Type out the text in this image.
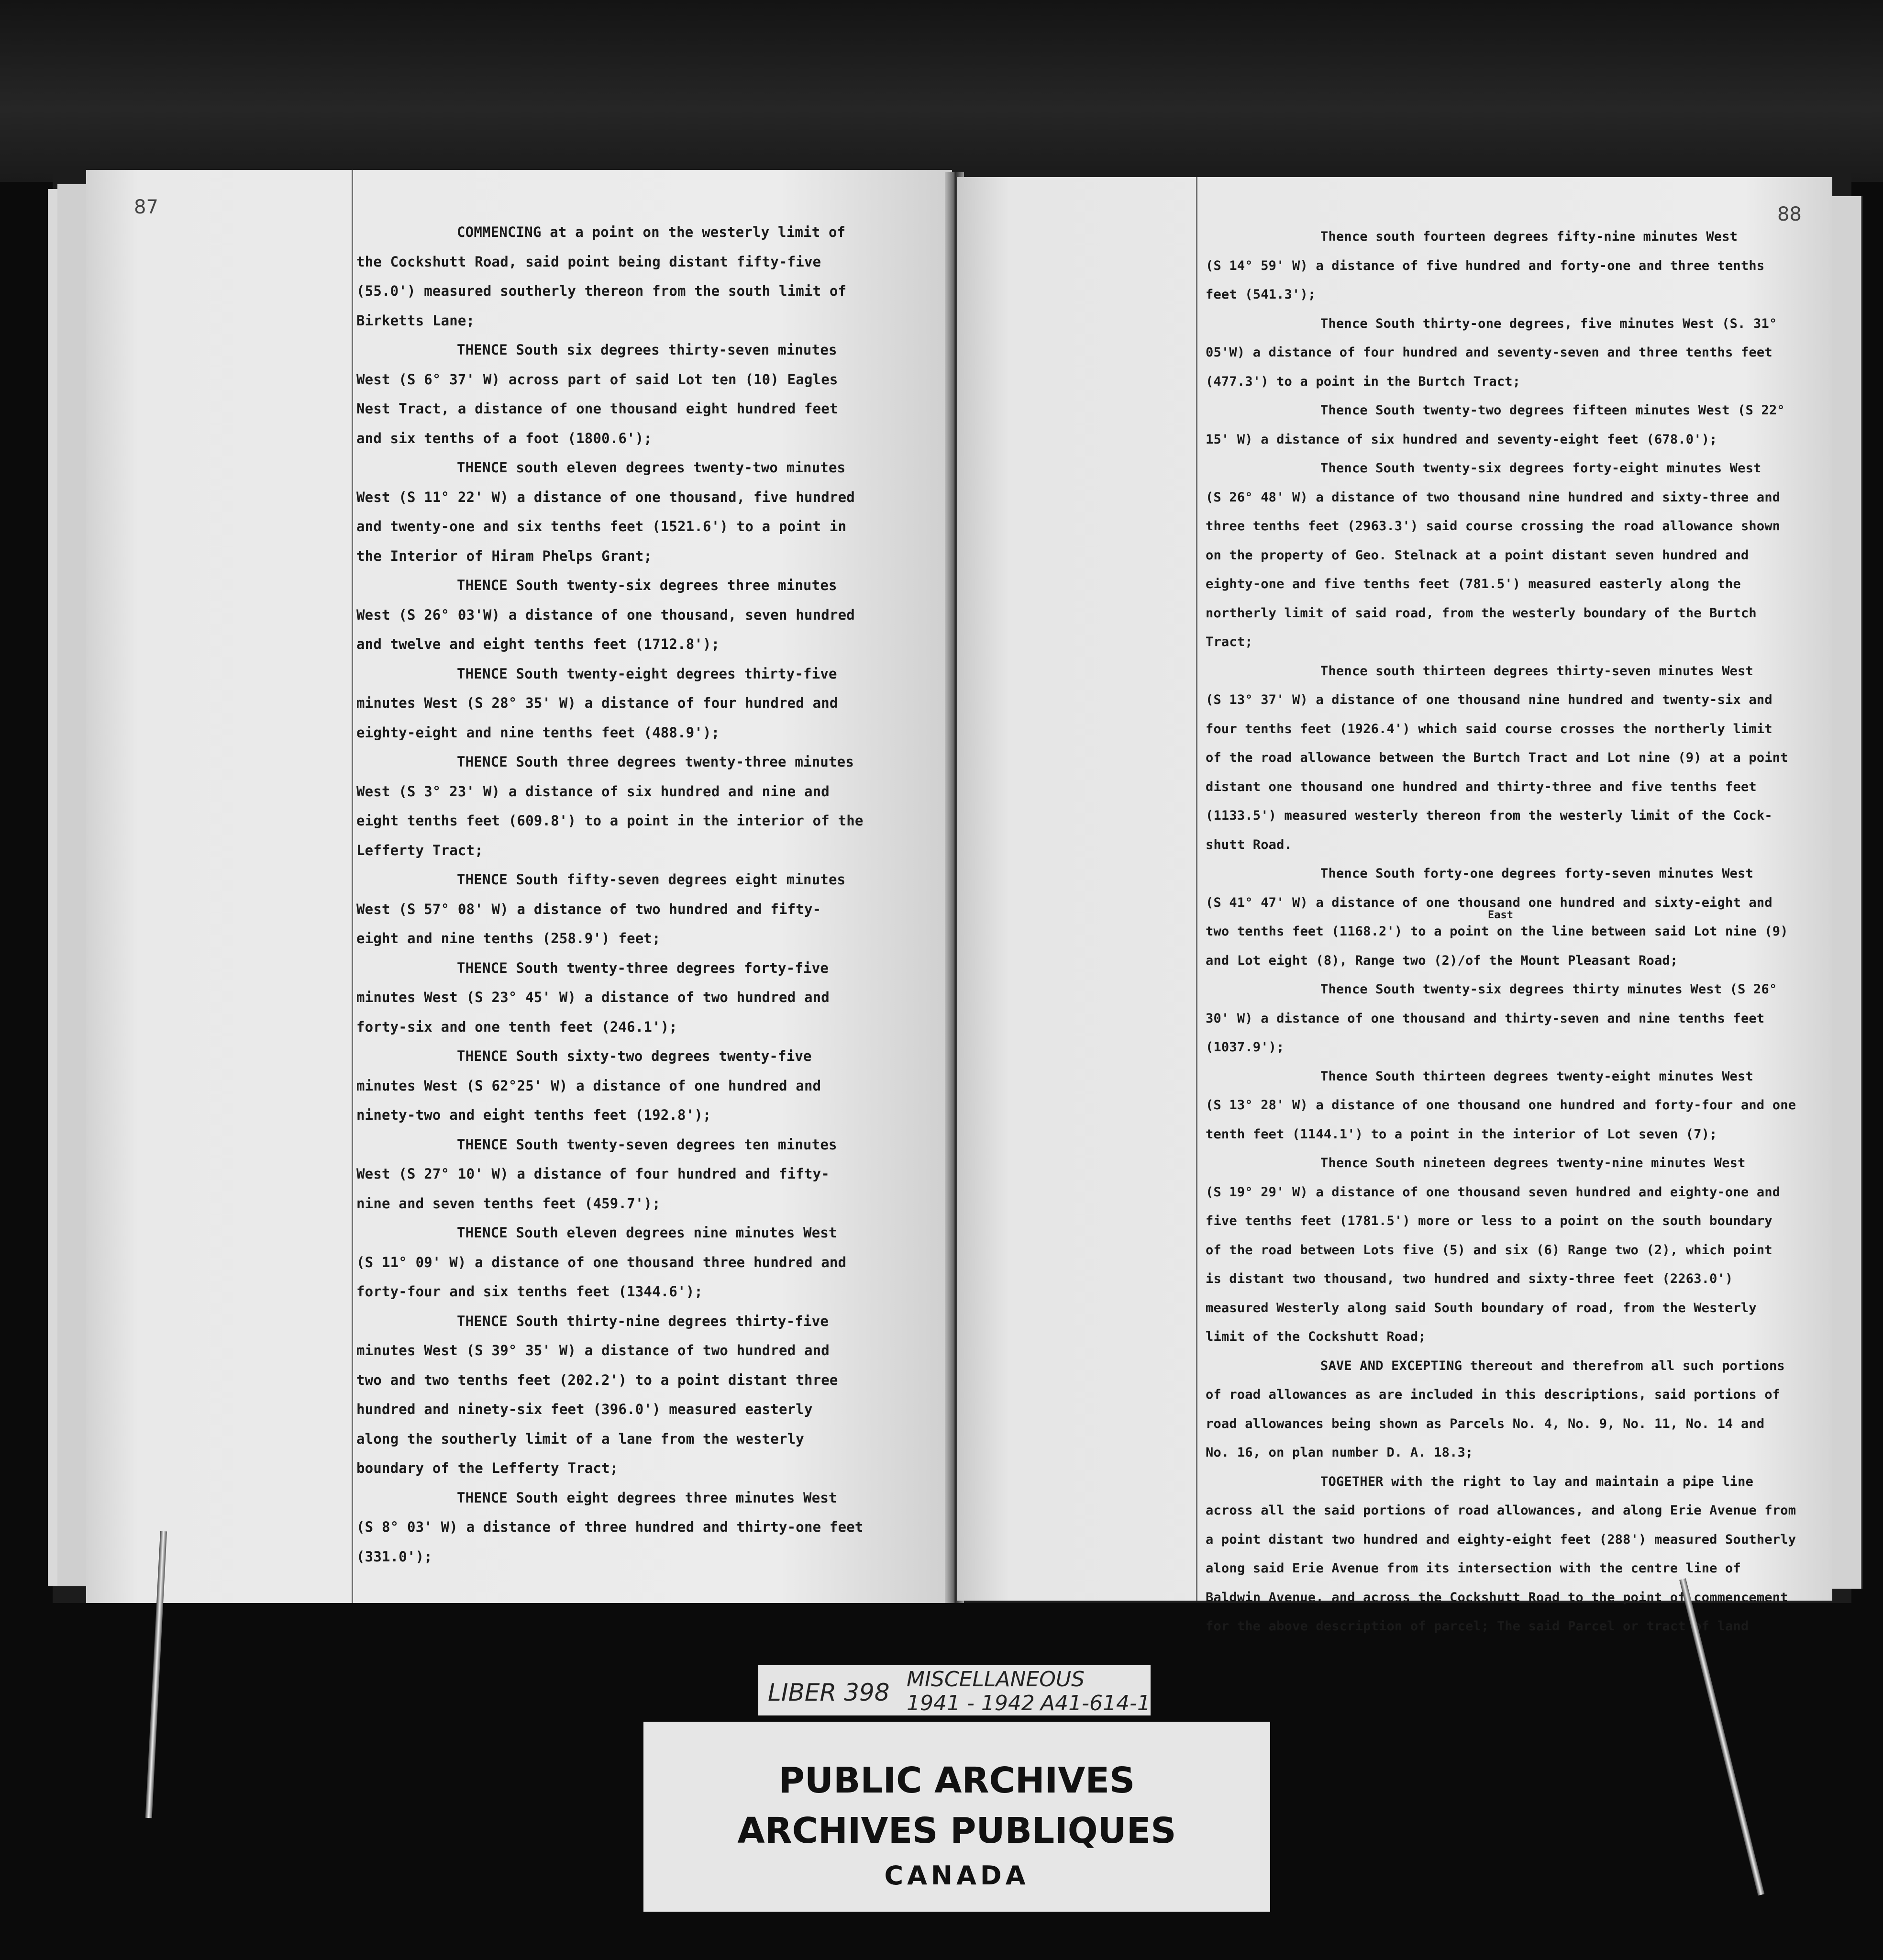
87
COMMENCING at a point on the westerly limit of
the Cockshutt Road, said point being distant fifty-five
(55.0') measured southerly thereon from the south limit of
Birketts Lane;
THENCE South six degrees thirty-seven minutes
West (S 6° 37' W) across part of said Lot ten (10) Eagles
Nest Tract, a distance of one thousand eight hundred feet
and six tenths of a foot (1800.6');
THENCE south eleven degrees twenty-two minutes
West (S 11° 22' W) a distance of one thousand, five hundred
and twenty-one and six tenths feet (1521.6') to a point in
the Interior of Hiram Phelps Grant;
THENCE South twenty-six degrees three minutes
West (S 26° 03'W) a distance of one thousand, seven hundred
and twelve and eight tenths feet (1712.8');
THENCE South twenty-eight degrees thirty-five
minutes West (S 28° 35' W) a distance of four hundred and
eighty-eight and nine tenths feet (488.9');
THENCE South three degrees twenty-three minutes
West (S 3° 23' W) a distance of six hundred and nine and
eight tenths feet (609.8') to a point in the interior of the
Lefferty Tract;
THENCE South fifty-seven degrees eight minutes
West (S 57° 08' W) a distance of two hundred and fifty-
eight and nine tenths (258.9') feet;
THENCE South twenty-three degrees forty-five
minutes West (S 23° 45' W) a distance of two hundred and
forty-six and one tenth feet (246.1');
THENCE South sixty-two degrees twenty-five
minutes West (S 62°25' W) a distance of one hundred and
ninety-two and eight tenths feet (192.8');
THENCE South twenty-seven degrees ten minutes
West (S 27° 10' W) a distance of four hundred and fifty-
nine and seven tenths feet (459.7');
THENCE South eleven degrees nine minutes West
(S 11° 09' W) a distance of one thousand three hundred and
forty-four and six tenths feet (1344.6');
THENCE South thirty-nine degrees thirty-five
minutes West (S 39° 35' W) a distance of two hundred and
two and two tenths feet (202.2') to a point distant three
hundred and ninety-six feet (396.0') measured easterly
along the southerly limit of a lane from the westerly
boundary of the Lefferty Tract;
THENCE South eight degrees three minutes West
(S 8° 03' W) a distance of three hundred and thirty-one feet
(331.0');
88
Thence south fourteen degrees fifty-nine minutes West
(S 14° 59' W) a distance of five hundred and forty-one and three tenths
feet (541.3');
Thence South thirty-one degrees, five minutes West (S. 31°
05'W) a distance of four hundred and seventy-seven and three tenths feet
(477.3') to a point in the Burtch Tract;
Thence South twenty-two degrees fifteen minutes West (S 22°
15' W) a distance of six hundred and seventy-eight feet (678.0');
Thence South twenty-six degrees forty-eight minutes West
(S 26° 48' W) a distance of two thousand nine hundred and sixty-three and
three tenths feet (2963.3') said course crossing the road allowance shown
on the property of Geo. Stelnack at a point distant seven hundred and
eighty-one and five tenths feet (781.5') measured easterly along the
northerly limit of said road, from the westerly boundary of the Burtch
Tract;
Thence south thirteen degrees thirty-seven minutes West
(S 13° 37' W) a distance of one thousand nine hundred and twenty-six and
four tenths feet (1926.4') which said course crosses the northerly limit
of the road allowance between the Burtch Tract and Lot nine (9) at a point
distant one thousand one hundred and thirty-three and five tenths feet
(1133.5') measured westerly thereon from the westerly limit of the Cock-
shutt Road.
Thence South forty-one degrees forty-seven minutes West
(S 41° 47' W) a distance of one thousand one hundred and sixty-eight and
two tenths feet (1168.2') to a point on the line between said Lot nine (9)
and Lot eight (8), Range two (2)/of the Mount Pleasant Road;
Thence South twenty-six degrees thirty minutes West (S 26°
30' W) a distance of one thousand and thirty-seven and nine tenths feet
(1037.9');
Thence South thirteen degrees twenty-eight minutes West
(S 13° 28' W) a distance of one thousand one hundred and forty-four and one
tenth feet (1144.1') to a point in the interior of Lot seven (7);
Thence South nineteen degrees twenty-nine minutes West
(S 19° 29' W) a distance of one thousand seven hundred and eighty-one and
five tenths feet (1781.5') more or less to a point on the south boundary
of the road between Lots five (5) and six (6) Range two (2), which point
is distant two thousand, two hundred and sixty-three feet (2263.0')
measured Westerly along said South boundary of road, from the Westerly
limit of the Cockshutt Road;
SAVE AND EXCEPTING thereout and therefrom all such portions
of road allowances as are included in this descriptions, said portions of
road allowances being shown as Parcels No. 4, No. 9, No. 11, No. 14 and
No. 16, on plan number D. A. 18.3;
TOGETHER with the right to lay and maintain a pipe line
across all the said portions of road allowances, and along Erie Avenue from
a point distant two hundred and eighty-eight feet (288') measured Southerly
along said Erie Avenue from its intersection with the centre line of
Baldwin Avenue, and across the Cockshutt Road to the point of commencement
for the above description of parcel; The said Parcel or tract of land
East
LIBER 398 MISCELLANEOUS
1941 - 1942 A41-614-1
PUBLIC ARCHIVES
ARCHIVES PUBLIQUES
CANADA
